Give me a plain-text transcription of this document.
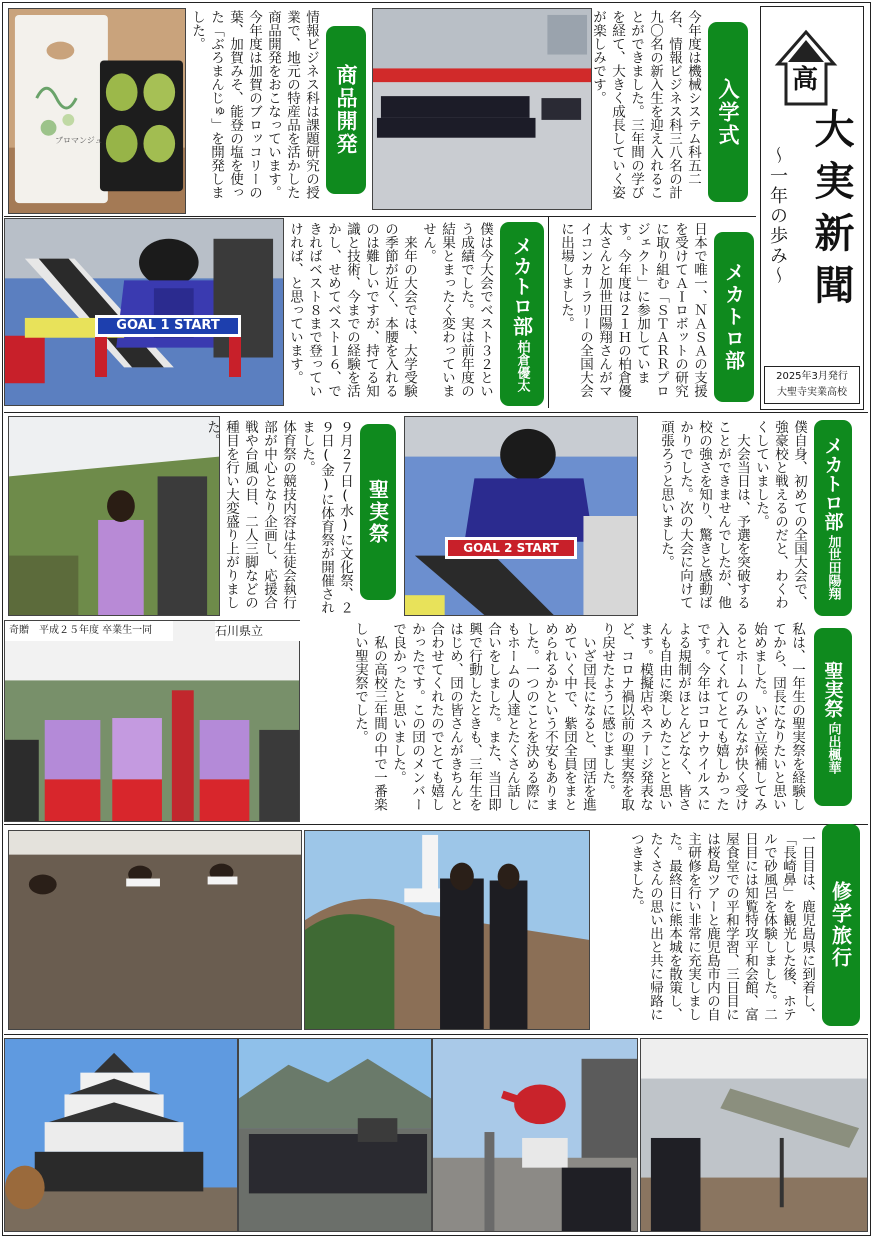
ブロマンジュ	情報ビジネス科は課題研究の授業で、地元の特産品を活かした商品開発をおこなっています。今年度は加賀のブロッコリーの葉、加賀みそ、能登の塩を使った「ぶろまんじゅ」を開発しました。
商品開発	今年度は機械システム科五二名、情報ビジネス科三八名の計九〇名の新入生を迎え入れることができました。三年間の学びを経て、大きく成長していく姿が楽しみです。
入学式 高
大実新聞
〜一年の歩み〜
2025年3月発行
大聖寺実業高校
GOAL 1 START	僕は今大会でベスト３２という成績でした。実は前年度の結果とまったく変わっていません。
　来年の大会では、大学受験の季節が近く、本腰を入れるのは難しいですが、持てる知識と技術、今までの経験を活かし、せめてベスト１６、できればベスト８まで登っていければ、と思っています。	メカトロ部
柏倉優太	日本で唯一、ＮＡＳＡの支援を受けてＡＩロボットの研究に取り組む「ＳＴＡＲＲプロジェクト」に参加しています。今年度は２１Ｈの柏倉優太さんと加世田陽翔さんがマイコンカーラリーの全国大会に出場しました。	メカトロ部
９月２７日(水)に文化祭、２９日(金)に体育祭が開催されました。
体育祭の競技内容は生徒会執行部が中心となり企画し、応援合戦や台風の目、二人三脚などの種目を行い大変盛り上がりました。
聖実祭
GOAL 2 START	僕自身、初めての全国大会で、強豪校と戦えるのだと、わくわくしていました。
　大会当日は、予選を突破することができませんでしたが、他校の強さを知り、驚きと感動ばかりでした。次の大会に向けて頑張ろうと思いました。	メカトロ部
加世田陽翔
奇贈　平成２５年度 卒業生一同	石川県立	私は、一年生の聖実祭を経験してから、団長になりたいと思い始めました。いざ立候補してみるとホームのみんなが快く受け入れてくれてとても嬉しかったです。今年はコロナウイルスによる規制がほとんどなく、皆さんも自由に楽しめたことと思います。模擬店やステージ発表など、コロナ禍以前の聖実祭を取り戻せたように感じました。
　いざ団長になると、団活を進めていく中で、紫団全員をまとめられるかという不安もありました。一つのことを決める際にもホームの人達とたくさん話し合いをしました。また、当日即興で行動したときも、三年生をはじめ、団の皆さんがきちんと合わせてくれたのでとても嬉しかったです。この団のメンバーで良かったと思いました。
　私の高校三年間の中で一番楽しい聖実祭でした。	聖実祭
向出楓華
一日目は、鹿児島県に到着し、「長崎鼻」を観光した後、ホテルで砂風呂を体験しました。二日目には知覧特攻平和会館、富屋食堂での平和学習、三日目には桜島ツアーと鹿児島市内の自主研修を行い非常に充実しました。最終日に熊本城を散策し、たくさんの思い出と共に帰路につきました。
修学旅行
